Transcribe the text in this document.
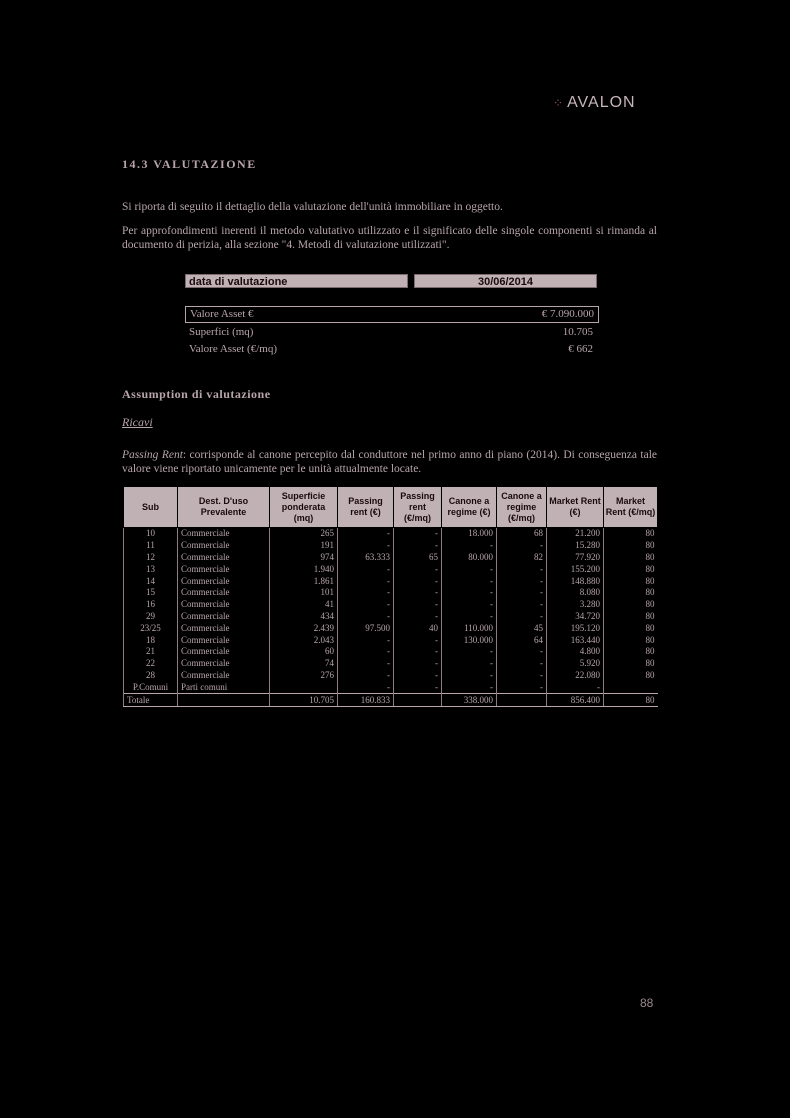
⁘ AVALON
14.3 VALUTAZIONE
Si riporta di seguito il dettaglio della valutazione dell'unità immobiliare in oggetto.
Per approfondimenti inerenti il metodo valutativo utilizzato e il significato delle singole componenti si rimanda al documento di perizia, alla sezione "4. Metodi di valutazione utilizzati".
data di valutazione	30/06/2014
Valore Asset €	€ 7.090.000
Superfici (mq)	10.705
Valore Asset (€/mq)	€ 662
Assumption di valutazione
Ricavi
Passing Rent: corrisponde al canone percepito dal conduttore nel primo anno di piano (2014). Di conseguenza tale valore viene riportato unicamente per le unità attualmente locate.
Sub	Dest. D'uso Prevalente	Superficie ponderata (mq)	Passing rent (€)	Passing rent (€/mq)	Canone a regime (€)	Canone a regime (€/mq)	Market Rent (€)	Market Rent (€/mq)
10	Commerciale	265	-	-	18.000	68	21.200	80
11	Commerciale	191	-	-	-	-	15.280	80
12	Commerciale	974	63.333	65	80.000	82	77.920	80
13	Commerciale	1.940	-	-	-	-	155.200	80
14	Commerciale	1.861	-	-	-	-	148.880	80
15	Commerciale	101	-	-	-	-	8.080	80
16	Commerciale	41	-	-	-	-	3.280	80
29	Commerciale	434	-	-	-	-	34.720	80
23/25	Commerciale	2.439	97.500	40	110.000	45	195.120	80
18	Commerciale	2.043	-	-	130.000	64	163.440	80
21	Commerciale	60	-	-	-	-	4.800	80
22	Commerciale	74	-	-	-	-	5.920	80
28	Commerciale	276	-	-	-	-	22.080	80
P.Comuni	Parti comuni		-	-	-	-	-	
Totale		10.705	160.833		338.000		856.400	80
88
